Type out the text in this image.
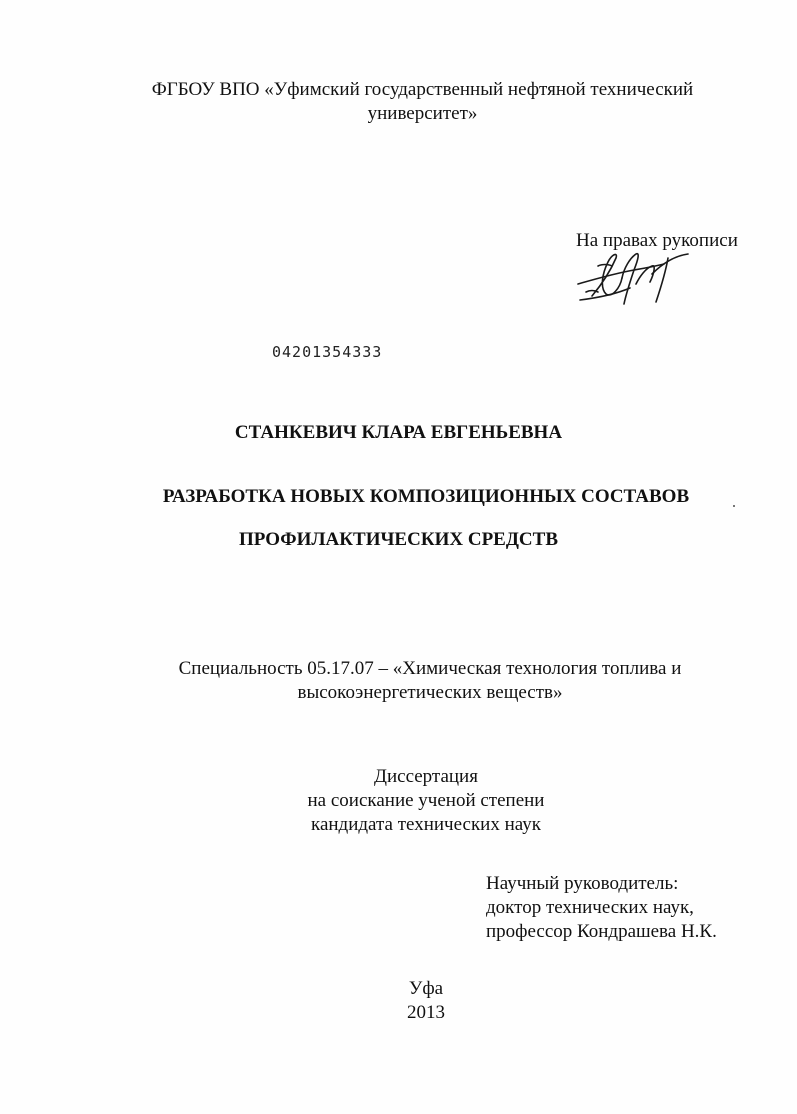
ФГБОУ ВПО «Уфимский государственный нефтяной технический
университет»
На правах рукописи
04201354333
СТАНКЕВИЧ КЛАРА ЕВГЕНЬЕВНА
РАЗРАБОТКА НОВЫХ КОМПОЗИЦИОННЫХ СОСТАВОВ
ПРОФИЛАКТИЧЕСКИХ СРЕДСТВ
Специальность 05.17.07 – «Химическая технология топлива и
высокоэнергетических веществ»
Диссертация
на соискание ученой степени
кандидата технических наук
Научный руководитель:
доктор технических наук,
профессор Кондрашева Н.К.
Уфа
2013
